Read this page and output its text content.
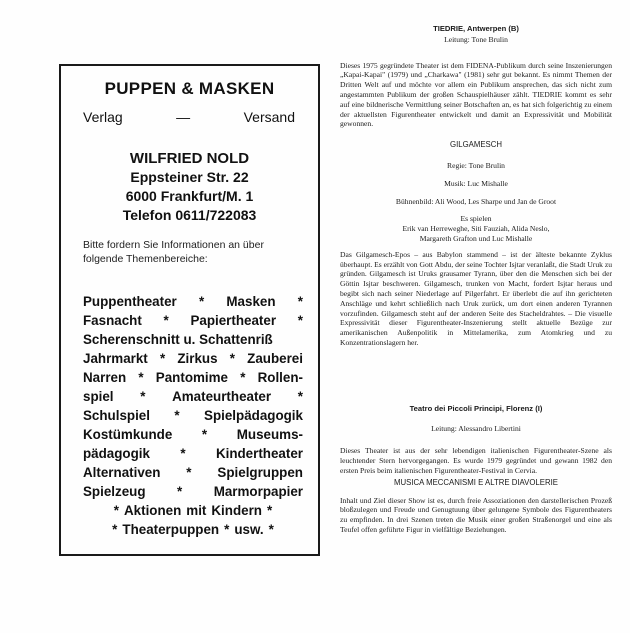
PUPPEN & MASKEN
Verlag	—	Versand
WILFRIED NOLD
Eppsteiner Str. 22
6000 Frankfurt/M. 1
Telefon 0611/722083
Bitte fordern Sie Informationen an über
folgende Themenbereiche:
Puppentheater * Masken *
Fasnacht * Papiertheater *
Scherenschnitt u. Schattenriß
Jahrmarkt * Zirkus * Zauberei
Narren * Pantomime * Rollen-
spiel * Amateurtheater *
Schulspiel * Spielpädagogik
Kostümkunde * Museums-
pädagogik * Kindertheater
Alternativen * Spielgruppen
Spielzeug * Marmorpapier
* Aktionen mit Kindern *
* Theaterpuppen * usw. *
TIEDRIE, Antwerpen (B)
Leitung: Tone Brulin

Dieses 1975 gegründete Theater ist dem FIDENA-Publikum durch seine Inszenierungen „Kapai-Kapai" (1979) und „Charkawa" (1981) sehr gut bekannt. Es nimmt Themen der Dritten Welt auf und möchte vor allem ein Publikum ansprechen, das sich nicht zum angestammten Publikum der großen Schauspielhäuser zählt. TIEDRIE kommt es sehr auf eine bildnerische Vermittlung seiner Botschaften an, es hat sich folgerichtig zu einem der aktuellsten Figurentheater entwickelt und damit an Expressivität und Mobilität gewonnen.

GILGAMESCH
Regie: Tone Brulin
Musik: Luc Mishalle
Bühnenbild: Ali Wood, Les Sharpe und Jan de Groot
Es spielen
Erik van Herreweghe, Siti Fauziah, Alida Neslo,
Margareth Grafton und Luc Mishalle

Das Gilgamesch-Epos – aus Babylon stammend – ist der älteste bekannte Zyklus überhaupt. Es erzählt von Gott Abdu, der seine Tochter Isjtar veranlaßt, die Stadt Uruk zu gründen. Gilgamesch ist Uruks grausamer Tyrann, über den die Menschen sich bei der Göttin Isjtar beschweren. Gilgamesch, trunken von Macht, fordert Isjtar heraus und begibt sich nach seiner Niederlage auf Pilgerfahrt. Er überlebt die auf ihn gerichteten Anschläge und kehrt schließlich nach Uruk zurück, um dort einen anderen Tyrannen vorzufinden. Gilgamesch steht auf der anderen Seite des Stacheldrahtes. – Die visuelle Expressivität dieser Figurentheater-Inszenierung stellt aktuelle Bezüge zur amerikanischen Außenpolitik in Mittelamerika, zum Atomkrieg und zu Konzentrationslagern her.

Teatro dei Piccoli Principi, Florenz (I)
Leitung: Alessandro Libertini

Dieses Theater ist aus der sehr lebendigen italienischen Figurentheater-Szene als leuchtender Stern hervorgegangen. Es wurde 1979 gegründet und gewann 1982 den ersten Preis beim italienischen Figurentheater-Festival in Cervia.

MUSICA MECCANISMI E ALTRE DIAVOLERIE

Inhalt und Ziel dieser Show ist es, durch freie Assoziationen den darstellerischen Prozeß bloßzulegen und Freude und Genugtuung über gelungene Symbole des Figurentheaters zu empfinden. In drei Szenen treten die Musik einer großen Straßenorgel und eine als Teufel offen geführte Figur in vielfältige Beziehungen.
